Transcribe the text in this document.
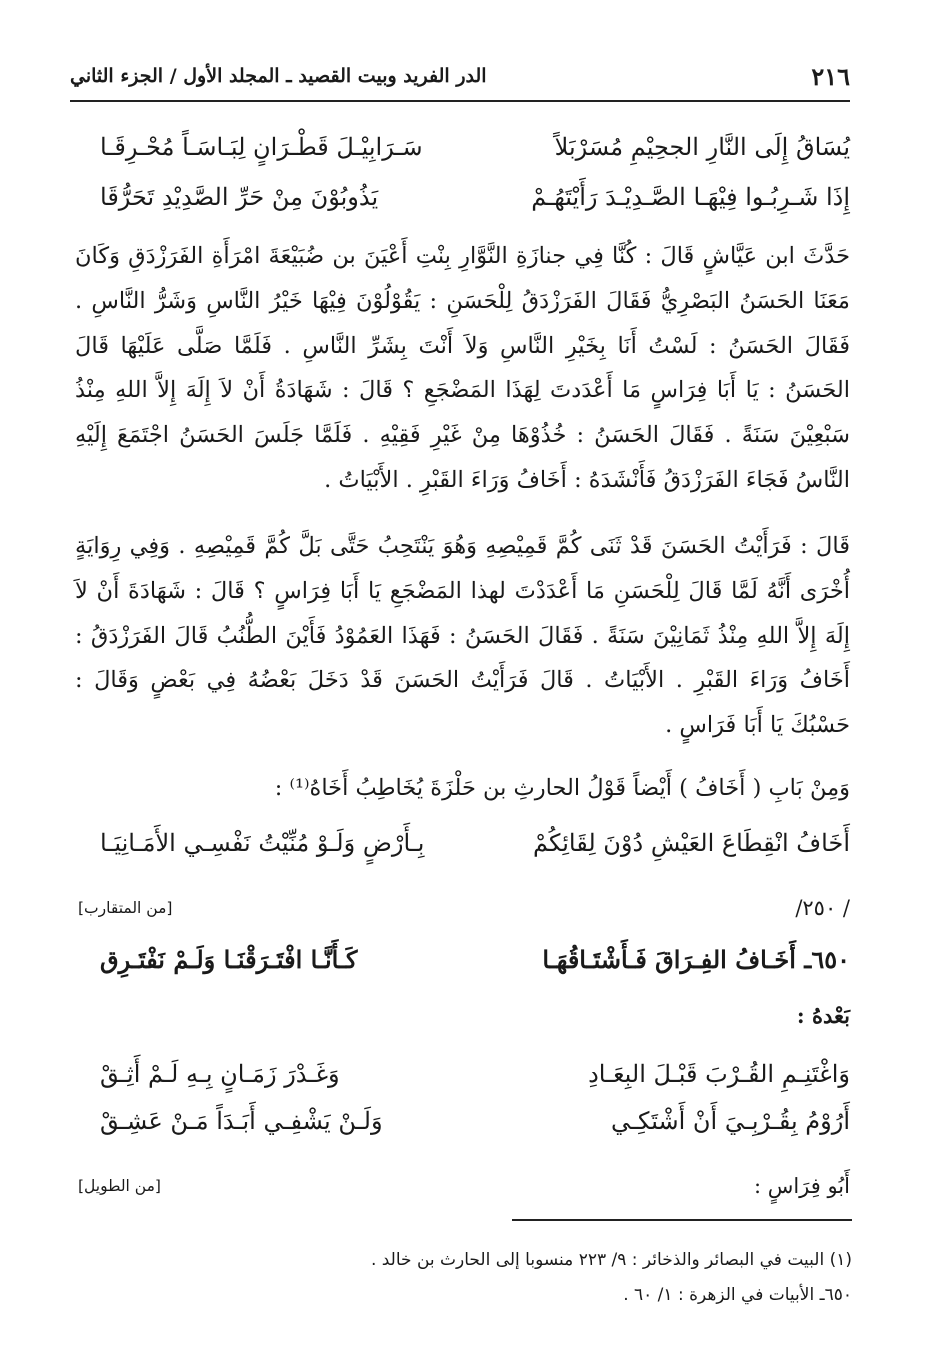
٢١٦
الدر الفريد وبيت القصيد ـ المجلد الأول / الجزء الثاني
يُسَاقُ إِلَى النَّارِ الجحِيْمِ مُسَرْبَلاً
سَـرَابِيْـلَ قَطْـرَانٍ لِبَـاسَـاً مُحْـرِقَـا
إِذَا شَـرِبُـوا فِيْهَـا الصَّـدِيْـدَ رَأَيْتَهُـمْ
يَذُوبُوْنَ مِنْ حَرِّ الصَّدِيْدِ تَحَرُّقَا

حَدَّثَ ابن عَيَّاشٍ قَالَ : كُنَّا فِي جنازَةِ النَّوَّارِ بِنْتِ أَعْيَنَ بن ضُبَيْعَةَ امْرَأَةِ الفَرَزْدَقِ وَكَانَ مَعَنَا الحَسَنُ البَصْرِيُّ فَقَالَ الفَرَزْدَقُ لِلْحَسَنِ : يَقُوْلُوْنَ فِيْهَا خَيْرُ النَّاسِ وَشَرُّ النَّاسِ . فَقَالَ الحَسَنُ : لَسْتُ أَنَا بِخَيْرِ النَّاسِ وَلاَ أَنْتَ بِشَرِّ النَّاسِ . فَلَمَّا صَلَّى عَلَيْهَا قَالَ الحَسَنُ : يَا أَبَا فِرَاسٍ مَا أَعْدَدتَ لِهَذَا المَضْجَعِ ؟ قَالَ : شَهَادَةُ أَنْ لاَ إِلَهَ إِلاَّ اللهِ مِنْذُ سَبْعِيْنَ سَنَةً . فَقَالَ الحَسَنُ : خُذُوْهَا مِنْ غَيْرِ فَقِيْهِ . فَلَمَّا جَلَسَ الحَسَنُ اجْتَمَعَ إِلَيْهِ النَّاسُ فَجَاءَ الفَرَزْدَقُ فَأَنْشَدَهُ : أَخَافُ وَرَاءَ القَبْرِ . الأَبْيَاتُ .

قَالَ : فَرَأَيْتُ الحَسَنَ قَدْ ثَنَى كُمَّ قَمِيْصِهِ وَهُوَ يَنْتَحِبُ حَتَّى بَلَّ كُمَّ قَمِيْصِهِ . وَفِي رِوَايَةٍ أُخْرَى أَنَّهُ لَمَّا قَالَ لِلْحَسَنِ مَا أَعْدَدْتَ لهذا المَضْجَعِ يَا أَبَا فِرَاسٍ ؟ قَالَ : شَهَادَةَ أَنْ لاَ إِلَهَ إِلاَّ اللهِ مِنْذُ ثَمَانِيْنَ سَنَةً . فَقَالَ الحَسَنُ : فَهَذَا العَمُوْدُ فَأَيْنَ الطُّنُبُ قَالَ الفَرَزْدَقُ : أَخَافُ وَرَاءَ القَبْرِ . الأَبْيَاتُ . قَالَ فَرَأَيْتُ الحَسَنَ قَدْ دَخَلَ بَعْضُهُ فِي بَعْضٍ وَقَالَ : حَسْبُكَ يَا أَبَا فَرَاسٍ .

وَمِنْ بَابِ ( أَخَافُ ) أَيْضاً قَوْلُ الحارثِ بن حَلْزَةَ يُخَاطِبُ أَخَاهُ⁽¹⁾ :

أَخَافُ انْقِطَاعَ العَيْشِ دُوْنَ لِقَائِكُمْ
بِـأَرْضٍ وَلَـوْ مُنِّيْتُ نَفْسِـي الأَمَـانِيَـا
/ ٢٥٠/
[من المتقارب]
٦٥٠ـ أَخَـافُ الفِـرَاقَ فَـأَشْتَـاقُهَـا
كَـأَنَّـا افْتَـرَقْنَـا وَلَـمْ نَفْتَـرِق
بَعْدهُ :
وَاغْتَنِـمِ القُـرْبَ قَبْـلَ البِعَـادِ
وَغَـدْرَ زَمَـانٍ بِـهِ لَـمْ أَثِـقْ
أَرُوْمُ بِقُـرْبِـيَ أَنْ أَشْتَكِـي
وَلَـنْ يَشْفِـي أَبَـدَاً مَـنْ عَشِـقْ
أَبُو فِرَاسٍ :
[من الطويل]
(١) البيت في البصائر والذخائر : ٩/ ٢٢٣ منسوبا إلى الحارث بن خالد .
٦٥٠ـ الأبيات في الزهرة : ١/ ٦٠ .
